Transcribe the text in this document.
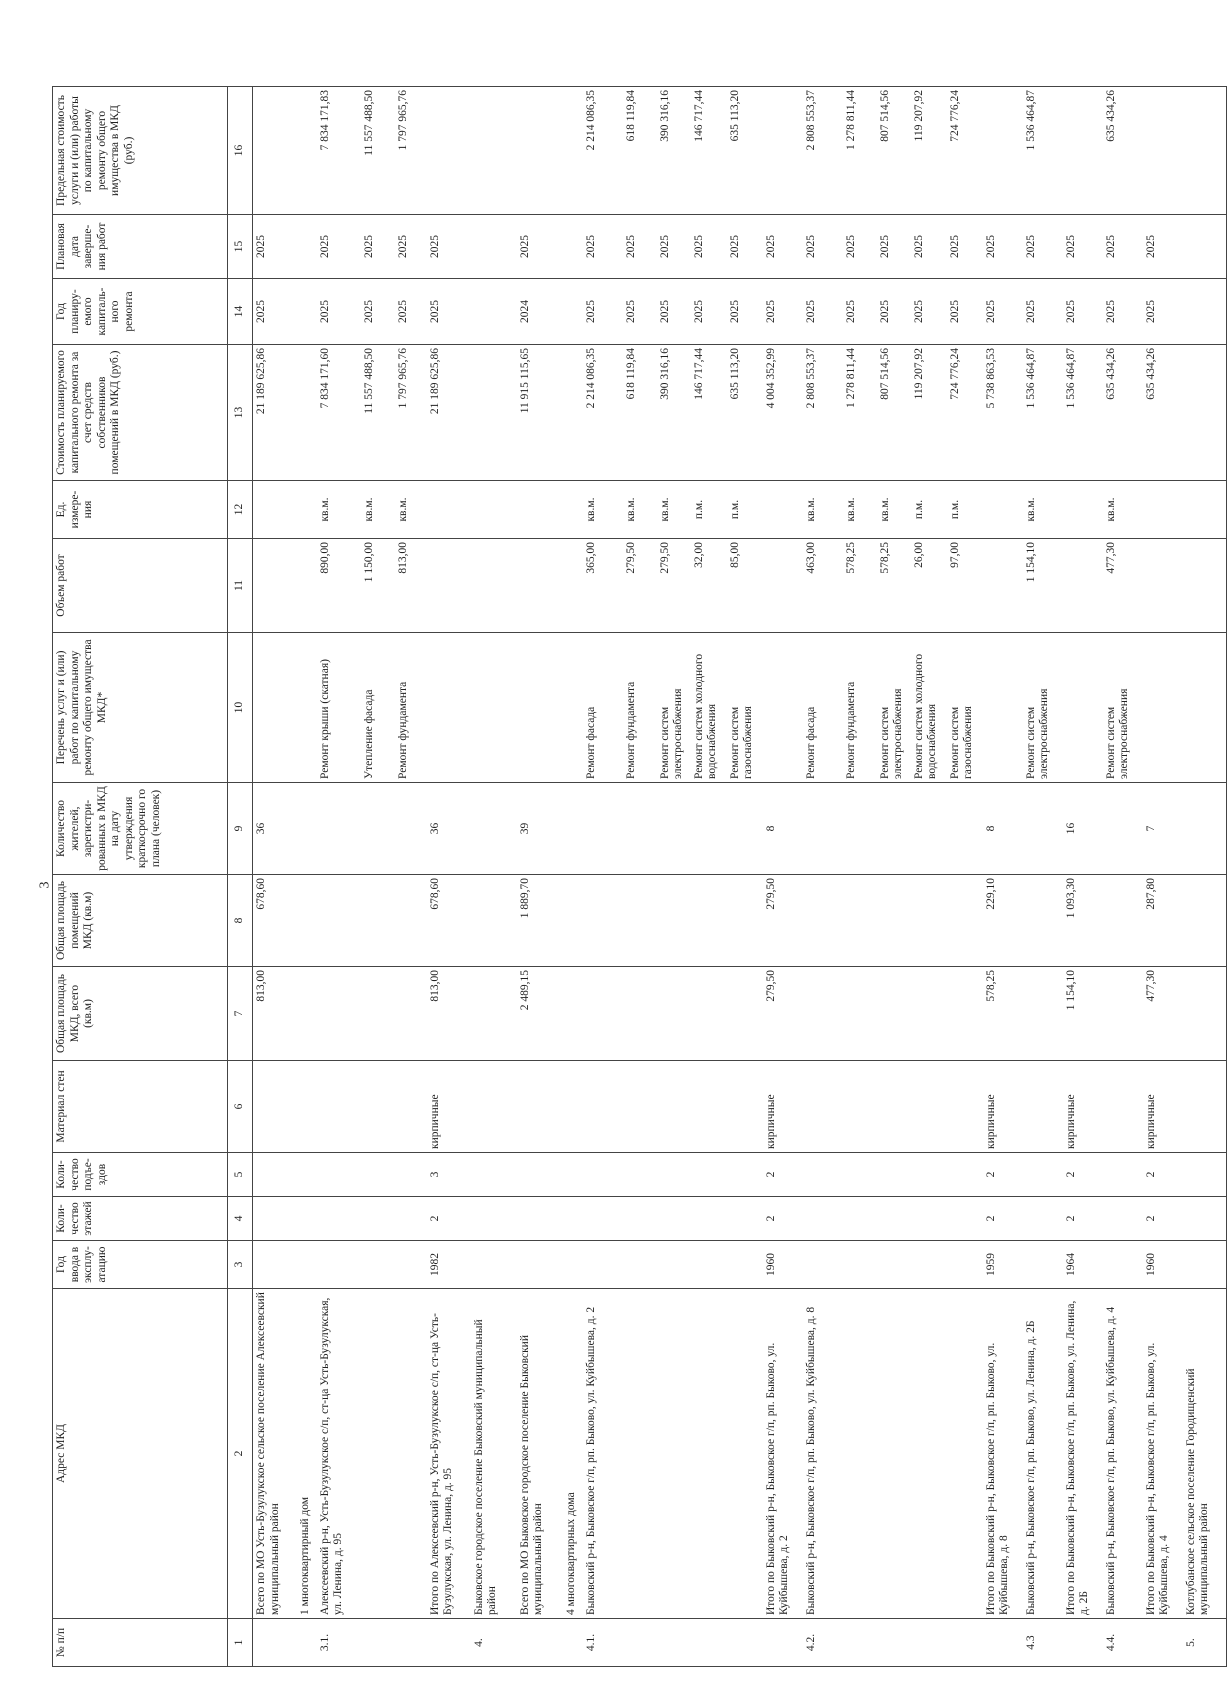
3
№ п/п	Адрес МКД	Год ввода в эксплу-атацию	Коли-чество этажей	Коли-чество подъе-здов	Материал стен	Общая площадь МКД, всего (кв.м)	Общая площадь помещений МКД (кв.м)	Количество жителей, зарегистри-рованных в МКД на дату утверждения краткосрочно го плана (человек)	Перечень услуг и (или) работ по капитальному ремонту общего имущества МКД*	Объем работ	Ед. измере-ния	Стоимость планируемого капитального ремонта за счет средств собственников помещений в МКД (руб.)	Год планиру-емого капиталь-ного ремонта	Плановая дата заверше-ния работ	Предельная стоимость услуги и (или) работы по капитальному ремонту общего имущества в МКД (руб.)
1	2	3	4	5	6	7	8	9	10	11	12	13	14	15	16
	Всего по МО Усть-Бузулукское сельское поселение Алексеевский муниципальный район					813,00	678,60	36				21 189 625,86	2025	2025	
	1 многоквартирный дом														
3.1.	Алексеевский р-н, Усть-Бузулукское с/п, ст-ца Усть-Бузулукская, ул. Ленина, д. 95								Ремонт крыши (скатная)	890,00	кв.м.	7 834 171,60	2025	2025	7 834 171,83
									Утепление фасада	1 150,00	кв.м.	11 557 488,50	2025	2025	11 557 488,50
									Ремонт фундамента	813,00	кв.м.	1 797 965,76	2025	2025	1 797 965,76
	Итого по Алексеевский р-н, Усть-Бузулукское с/п, ст-ца Усть-Бузулукская, ул. Ленина, д. 95	1982	2	3	кирпичные	813,00	678,60	36				21 189 625,86	2025	2025	
4.	Быковское городское поселение Быковский муниципальный район														
	Всего по МО Быковское городское поселение Быковский муниципальный район					2 489,15	1 889,70	39				11 915 115,65	2024	2025	
	4 многоквартирных дома														
4.1.	Быковский р-н, Быковское г/п, рп. Быково, ул. Куйбышева, д. 2								Ремонт фасада	365,00	кв.м.	2 214 086,35	2025	2025	2 214 086,35
									Ремонт фундамента	279,50	кв.м.	618 119,84	2025	2025	618 119,84
									Ремонт систем электроснабжения	279,50	кв.м.	390 316,16	2025	2025	390 316,16
									Ремонт систем холодного водоснабжения	32,00	п.м.	146 717,44	2025	2025	146 717,44
									Ремонт систем газоснабжения	85,00	п.м.	635 113,20	2025	2025	635 113,20
	Итого по Быковский р-н, Быковское г/п, рп. Быково, ул. Куйбышева, д. 2	1960	2	2	кирпичные	279,50	279,50	8				4 004 352,99	2025	2025	
4.2.	Быковский р-н, Быковское г/п, рп. Быково, ул. Куйбышева, д. 8								Ремонт фасада	463,00	кв.м.	2 808 553,37	2025	2025	2 808 553,37
									Ремонт фундамента	578,25	кв.м.	1 278 811,44	2025	2025	1 278 811,44
									Ремонт систем электроснабжения	578,25	кв.м.	807 514,56	2025	2025	807 514,56
									Ремонт систем холодного водоснабжения	26,00	п.м.	119 207,92	2025	2025	119 207,92
									Ремонт систем газоснабжения	97,00	п.м.	724 776,24	2025	2025	724 776,24
	Итого по Быковский р-н, Быковское г/п, рп. Быково, ул. Куйбышева, д. 8	1959	2	2	кирпичные	578,25	229,10	8				5 738 863,53	2025	2025	
4.3	Быковский р-н, Быковское г/п, рп. Быково, ул. Ленина, д. 2Б								Ремонт систем электроснабжения	1 154,10	кв.м.	1 536 464,87	2025	2025	1 536 464,87
	Итого по Быковский р-н, Быковское г/п, рп. Быково, ул. Ленина, д. 2Б	1964	2	2	кирпичные	1 154,10	1 093,30	16				1 536 464,87	2025	2025	
4.4.	Быковский р-н, Быковское г/п, рп. Быково, ул. Куйбышева, д. 4								Ремонт систем электроснабжения	477,30	кв.м.	635 434,26	2025	2025	635 434,26
	Итого по Быковский р-н, Быковское г/п, рп. Быково, ул. Куйбышева, д. 4	1960	2	2	кирпичные	477,30	287,80	7				635 434,26	2025	2025	
5.	Котлубанское сельское поселение Городищенский муниципальный район														
